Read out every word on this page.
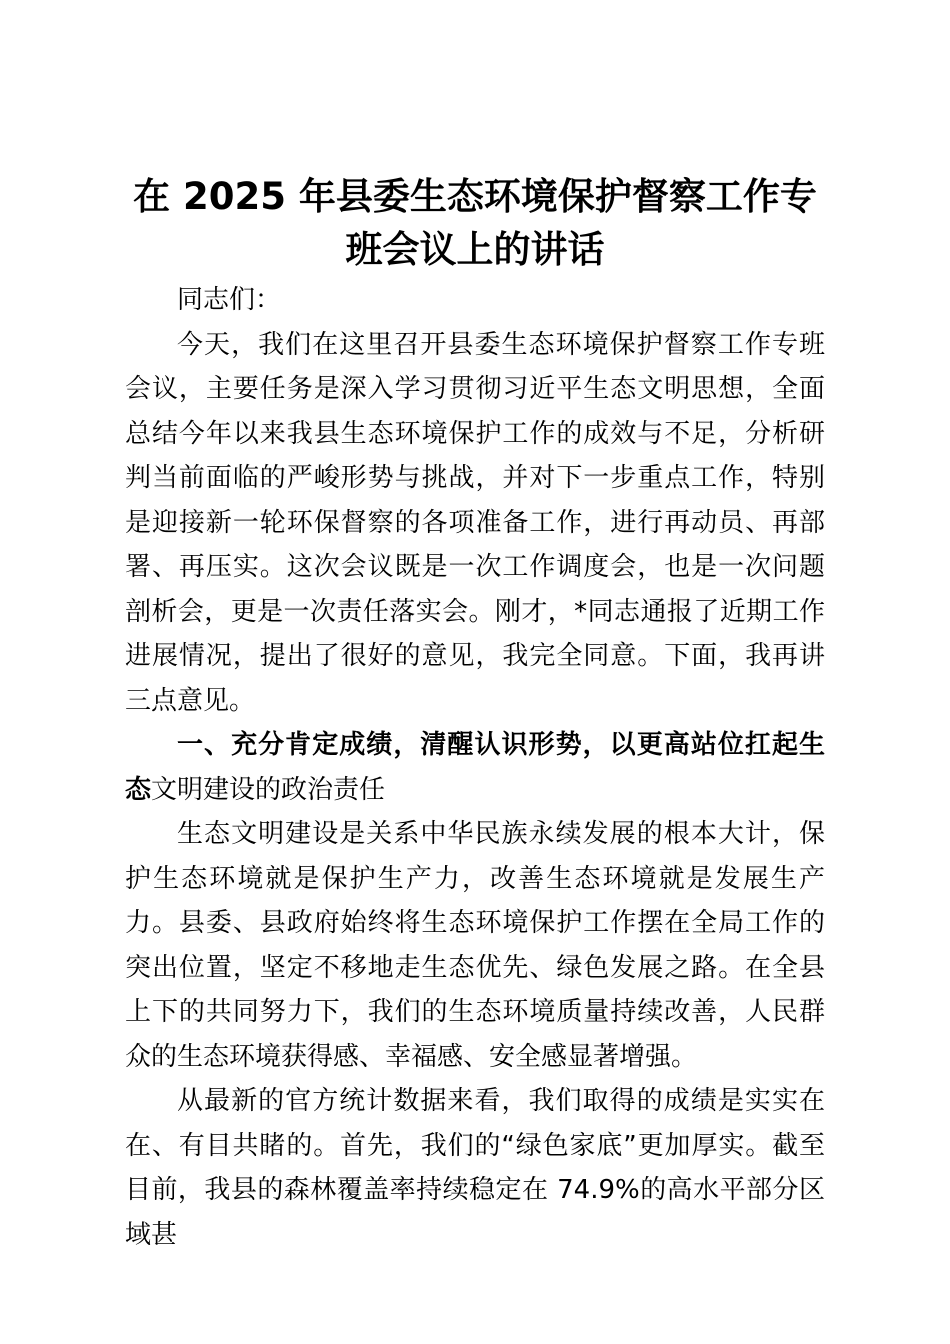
在 2025 年县委生态环境保护督察工作专班会议上的讲话

同志们：

今天，我们在这里召开县委生态环境保护督察工作专班会议，主要任务是深入学习贯彻习近平生态文明思想，全面总结今年以来我县生态环境保护工作的成效与不足，分析研判当前面临的严峻形势与挑战，并对下一步重点工作，特别是迎接新一轮环保督察的各项准备工作，进行再动员、再部署、再压实。这次会议既是一次工作调度会，也是一次问题剖析会，更是一次责任落实会。刚才，*同志通报了近期工作进展情况，提出了很好的意见，我完全同意。下面，我再讲三点意见。

一、充分肯定成绩，清醒认识形势，以更高站位扛起生态文明建设的政治责任

生态文明建设是关系中华民族永续发展的根本大计，保护生态环境就是保护生产力，改善生态环境就是发展生产力。县委、县政府始终将生态环境保护工作摆在全局工作的突出位置，坚定不移地走生态优先、绿色发展之路。在全县上下的共同努力下，我们的生态环境质量持续改善，人民群众的生态环境获得感、幸福感、安全感显著增强。

从最新的官方统计数据来看，我们取得的成绩是实实在在、有目共睹的。首先，我们的“绿色家底”更加厚实。截至目前，我县的森林覆盖率持续稳定在 74.9%的高水平部分区域甚
